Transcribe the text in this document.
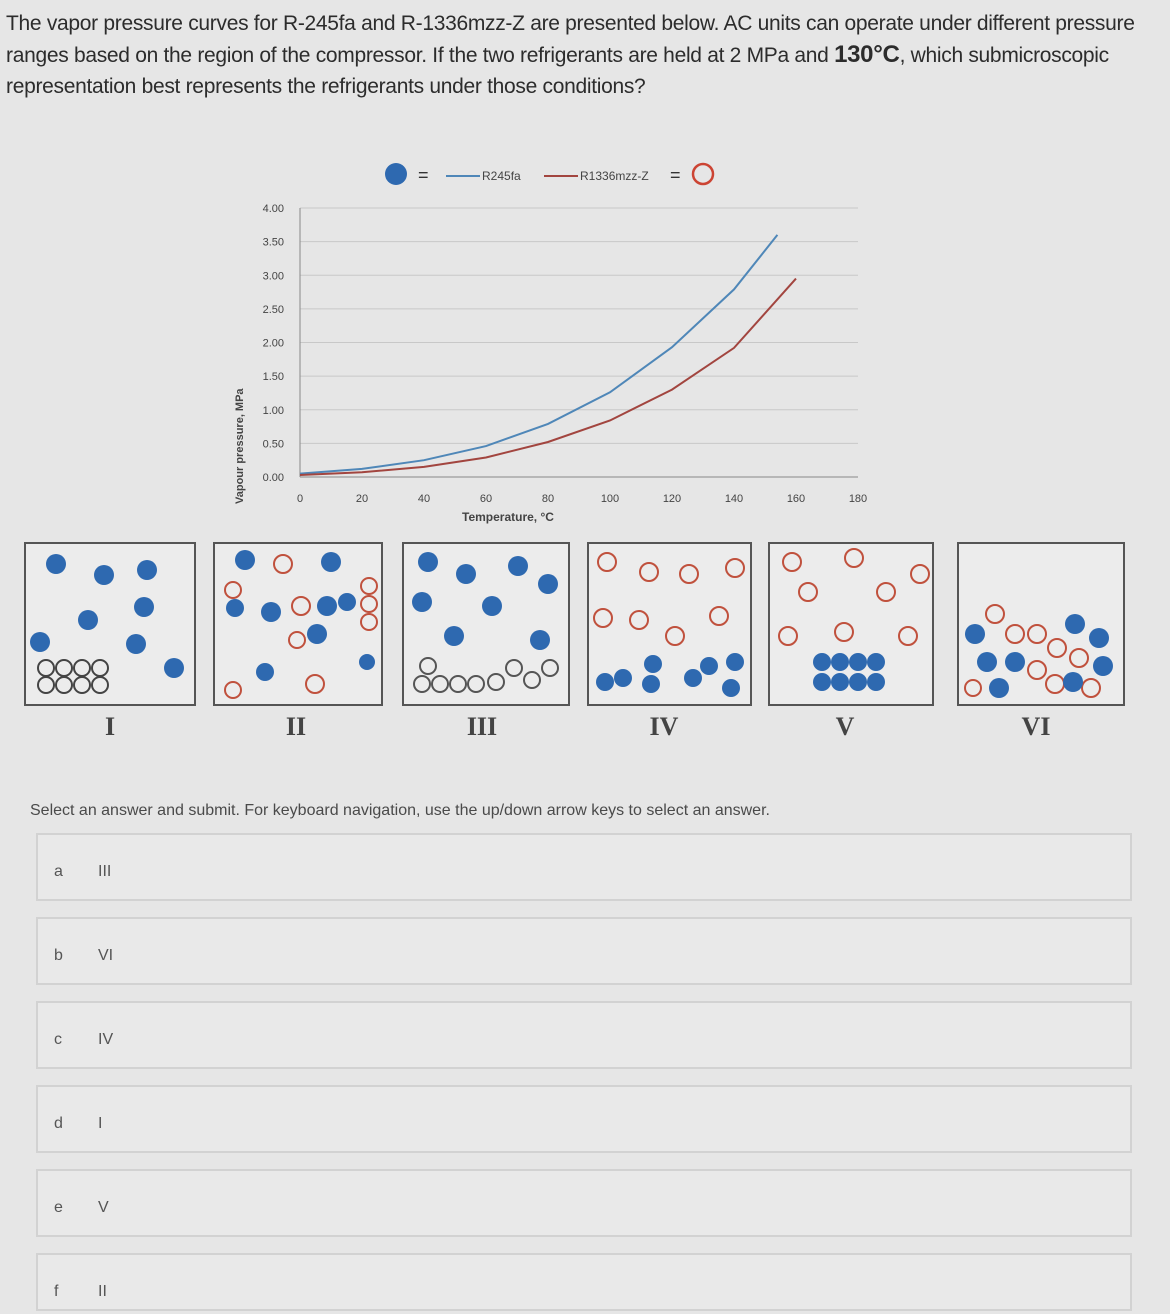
The vapor pressure curves for R-245fa and R-1336mzz-Z are presented below. AC units can operate under different pressure ranges based on the region of the compressor. If the two refrigerants are held at 2 MPa and 130°C, which submicroscopic representation best represents the refrigerants under those conditions?
=	R245fa	R1336mzz-Z =
4.00
3.50
3.00
2.50
2.00
1.50
1.00
0.50
0.00
0	20	40	60	80	100	120	140	160	180
Vapour pressure, MPa
Temperature, °C
I	II	III	IV	V	VI
Select an answer and submit. For keyboard navigation, use the up/down arrow keys to select an answer.
a III
b VI
c IV
d I
e V
f II
